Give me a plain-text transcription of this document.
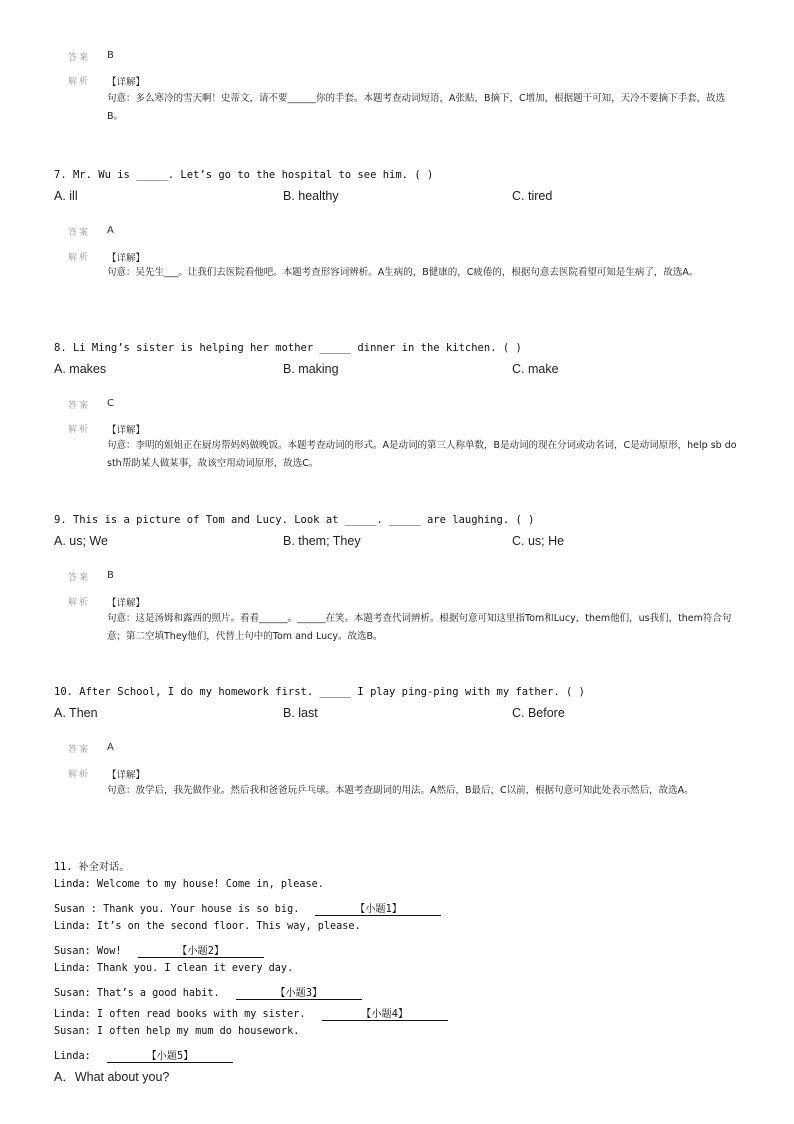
答案 B
解析 【详解】
句意：多么寒冷的雪天啊！史蒂文，请不要______你的手套。本题考查动词短语，A张贴，B摘下，C增加，根据题干可知，天冷不要摘下手套，故选B。
7. Mr. Wu is _____. Let’s go to the hospital to see him. ( )
A. ill	B. healthy	C. tired
答案 A
解析 【详解】
句意：吴先生___。让我们去医院看他吧。本题考查形容词辨析。A生病的，B健康的，C疲倦的，根据句意去医院看望可知是生病了，故选A。
8. Li Ming’s sister is helping her mother _____ dinner in the kitchen. ( )
A. makes	B. making	C. make
答案 C
解析 【详解】
句意：李明的姐姐正在厨房帮妈妈做晚饭。本题考查动词的形式。A是动词的第三人称单数，B是动词的现在分词或动名词，C是动词原形，help sb do sth帮助某人做某事，故该空用动词原形，故选C。
9. This is a picture of Tom and Lucy. Look at _____. _____ are laughing. ( )
A. us; We	B. them; They	C. us; He
答案 B
解析 【详解】
句意：这是汤姆和露西的照片。看看______。______在笑。本题考查代词辨析。根据句意可知这里指Tom和Lucy，them他们，us我们，them符合句意；第二空填They他们，代替上句中的Tom and Lucy。故选B。
10. After School, I do my homework first. _____ I play ping-ping with my father. ( )
A. Then	B. last	C. Before
答案 A
解析 【详解】
句意：放学后，我先做作业。然后我和爸爸玩乒乓球。本题考查副词的用法。A然后，B最后，C以前，根据句意可知此处表示然后，故选A。
11. 补全对话。
Linda: Welcome to my house! Come in, please.
Susan : Thank you. Your house is so big.	【小题1】
Linda: It’s on the second floor. This way, please.
Susan: Wow!	【小题2】
Linda: Thank you. I clean it every day.
Susan: That’s a good habit.	【小题3】
Linda: I often read books with my sister.	【小题4】
Susan: I often help my mum do housework.
Linda:	【小题5】
A．What about you?
